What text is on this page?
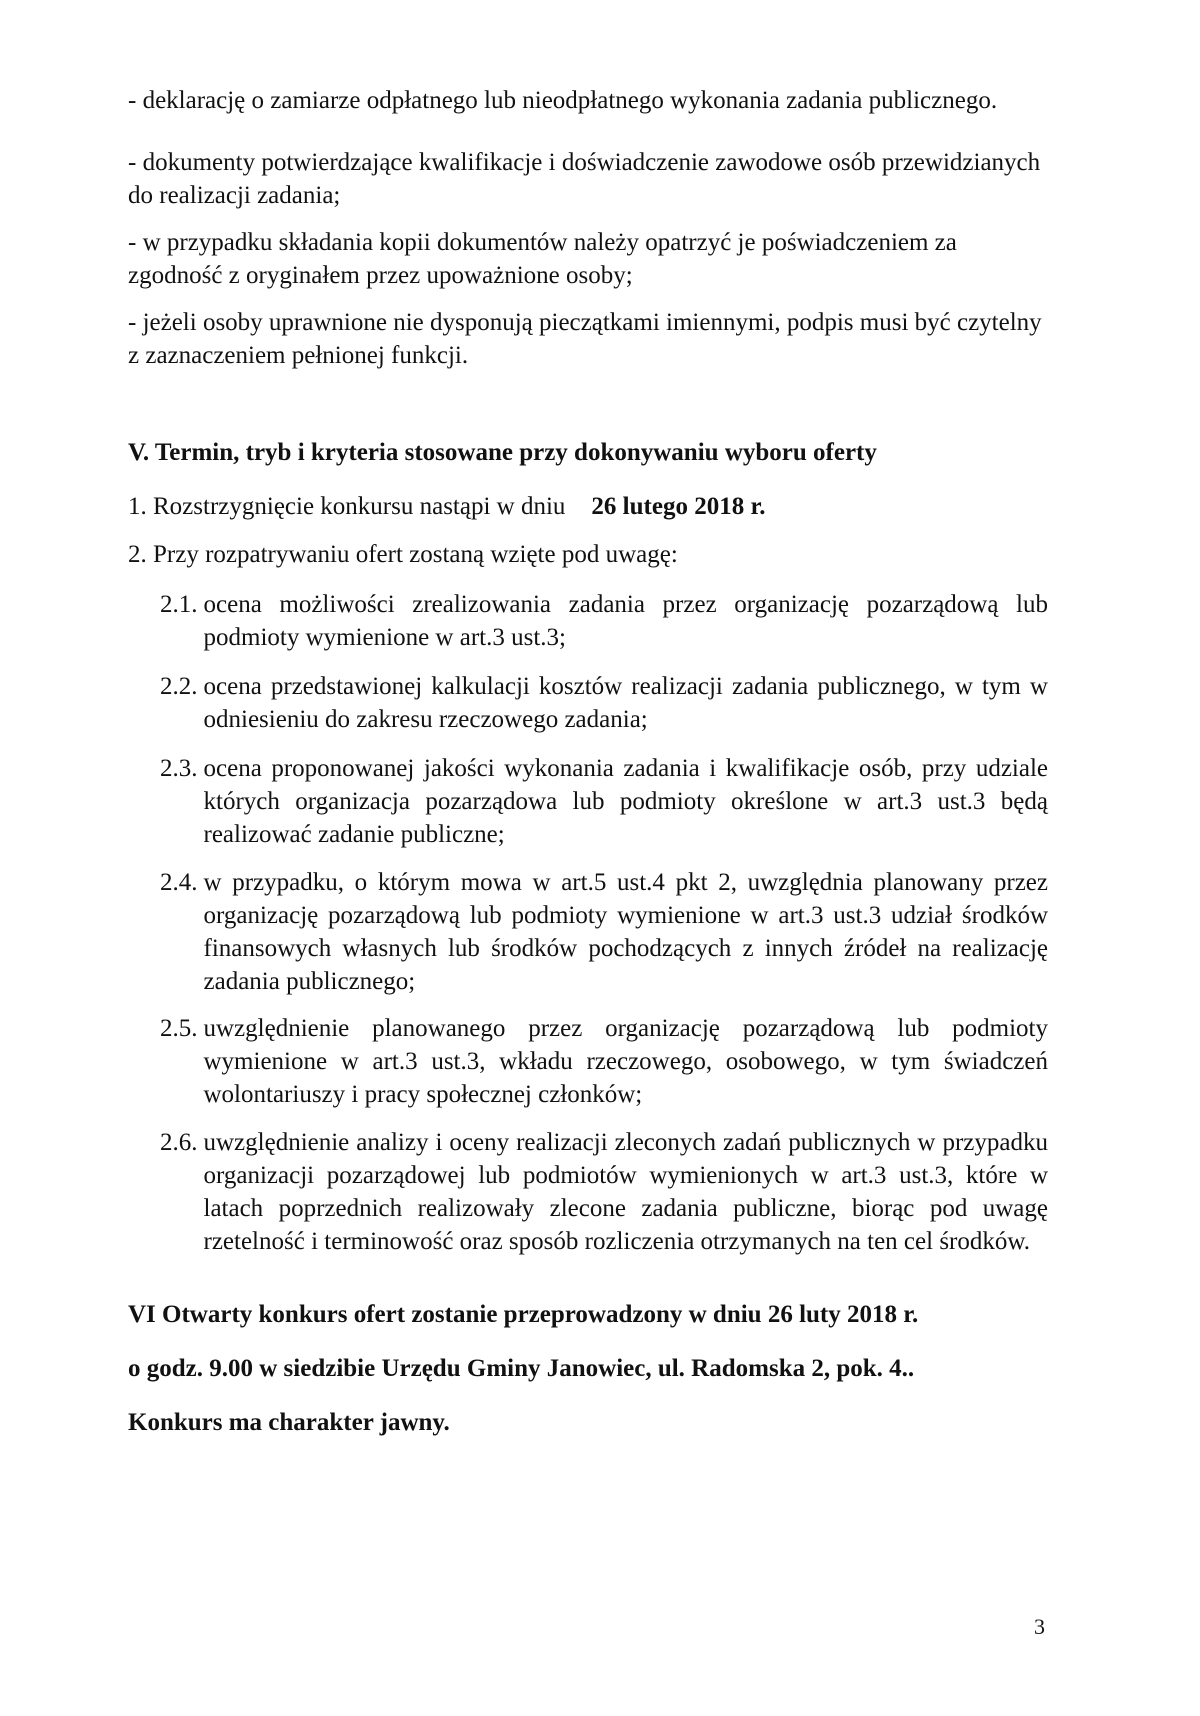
- deklarację o zamiarze odpłatnego lub nieodpłatnego wykonania zadania publicznego.

- dokumenty potwierdzające kwalifikacje i doświadczenie zawodowe osób przewidzianych do realizacji zadania;

- w przypadku składania kopii dokumentów należy opatrzyć je poświadczeniem za zgodność z oryginałem przez upoważnione osoby;

- jeżeli osoby uprawnione nie dysponują pieczątkami imiennymi, podpis musi być czytelny z zaznaczeniem pełnionej funkcji.

V. Termin, tryb i kryteria stosowane przy dokonywaniu wyboru oferty

1. Rozstrzygnięcie konkursu nastąpi w dniu 26 lutego 2018 r.

2. Przy rozpatrywaniu ofert zostaną wzięte pod uwagę:

2.1. ocena możliwości zrealizowania zadania przez organizację pozarządową lub podmioty wymienione w art.3 ust.3;
2.2. ocena przedstawionej kalkulacji kosztów realizacji zadania publicznego, w tym w odniesieniu do zakresu rzeczowego zadania;
2.3. ocena proponowanej jakości wykonania zadania i kwalifikacje osób, przy udziale których organizacja pozarządowa lub podmioty określone w art.3 ust.3 będą realizować zadanie publiczne;
2.4. w przypadku, o którym mowa w art.5 ust.4 pkt 2, uwzględnia planowany przez organizację pozarządową lub podmioty wymienione w art.3 ust.3 udział środków finansowych własnych lub środków pochodzących z innych źródeł na realizację zadania publicznego;
2.5. uwzględnienie planowanego przez organizację pozarządową lub podmioty wymienione w art.3 ust.3, wkładu rzeczowego, osobowego, w tym świadczeń wolontariuszy i pracy społecznej członków;
2.6. uwzględnienie analizy i oceny realizacji zleconych zadań publicznych w przypadku organizacji pozarządowej lub podmiotów wymienionych w art.3 ust.3, które w latach poprzednich realizowały zlecone zadania publiczne, biorąc pod uwagę rzetelność i terminowość oraz sposób rozliczenia otrzymanych na ten cel środków.

VI Otwarty konkurs ofert zostanie przeprowadzony w dniu 26 luty 2018 r.

o godz. 9.00 w siedzibie Urzędu Gminy Janowiec, ul. Radomska 2, pok. 4..

Konkurs ma charakter jawny.

3
